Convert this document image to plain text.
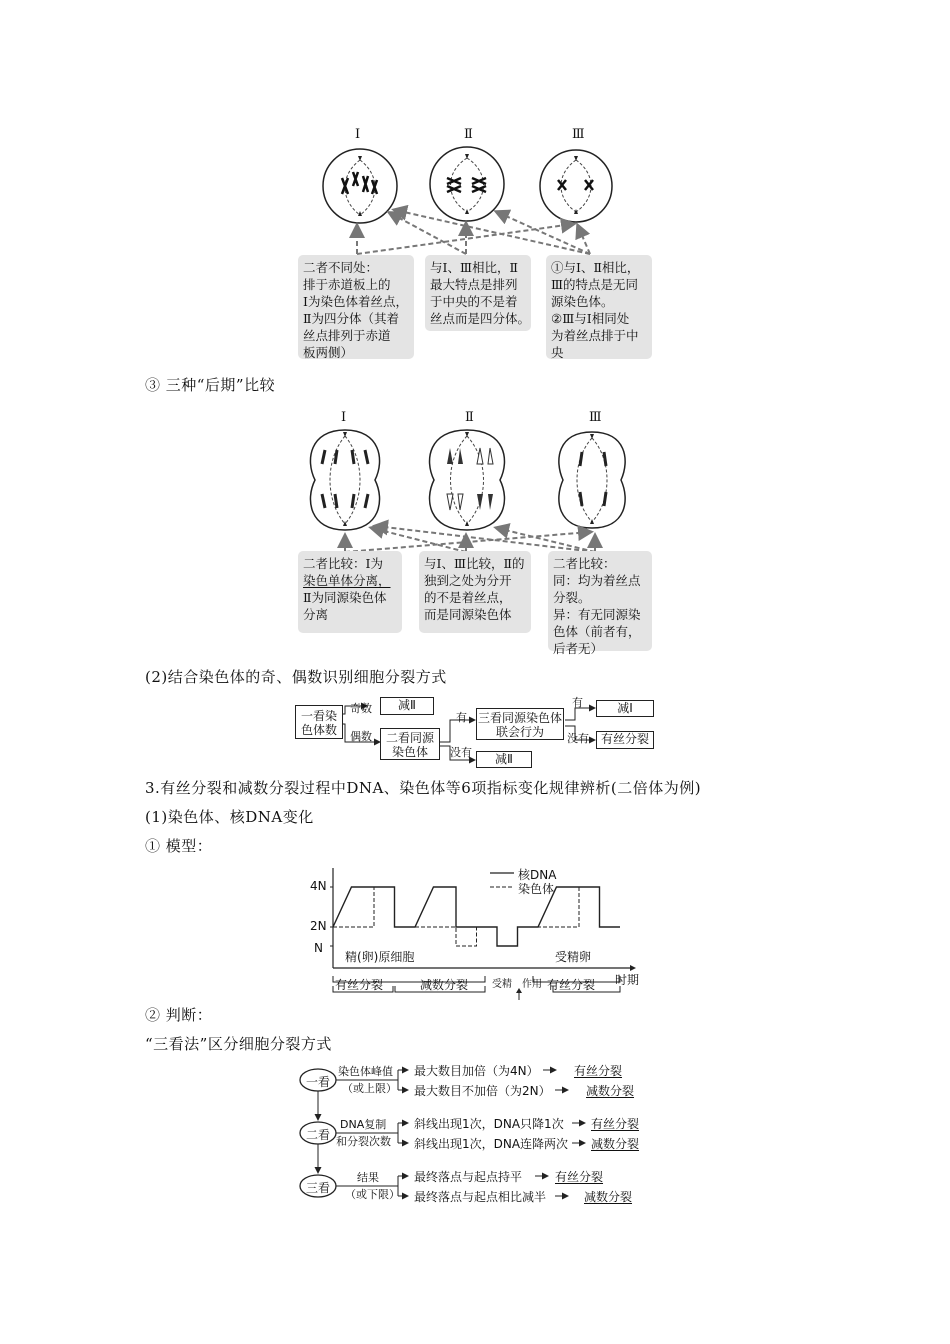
Ⅰ	Ⅱ	Ⅲ
二者不同处：
排于赤道板上的
Ⅰ为染色体着丝点，
Ⅱ为四分体（其着
丝点排列于赤道
板两侧）
与Ⅰ、Ⅲ相比，Ⅱ
最大特点是排列
于中央的不是着
丝点而是四分体。
①与Ⅰ、Ⅱ相比，
Ⅲ的特点是无同
源染色体。
②Ⅲ与Ⅰ相同处
为着丝点排于中
央
③ 三种“后期”比较
Ⅰ	Ⅱ	Ⅲ
二者比较：Ⅰ为
染色单体分离，
Ⅱ为同源染色体
分离
与Ⅰ、Ⅲ比较，Ⅱ的
独到之处为分开
的不是着丝点，
而是同源染色体
二者比较：
同：均为着丝点
分裂。
异：有无同源染
色体（前者有，
后者无）
(2)结合染色体的奇、偶数识别细胞分裂方式
一看染色体数
奇数
偶数
减Ⅱ
二看同源染色体
有
没有
三看同源染色体联会行为
减Ⅱ
有
没有
减Ⅰ
有丝分裂
3.有丝分裂和减数分裂过程中DNA、染色体等6项指标变化规律辨析(二倍体为例)
(1)染色体、核DNA变化
① 模型：
4N
2N
N
核DNA
染色体
精(卵)原细胞	受精卵
有丝分裂	减数分裂 受精 作用 有丝分裂 时期
② 判断：
“三看法”区分细胞分裂方式
一看
二看
三看
染色体峰值
（或上限）
DNA复制
和分裂次数
结果
（或下限）
最大数目加倍（为4N）	有丝分裂
最大数目不加倍（为2N）	减数分裂
斜线出现1次，DNA只降1次 有丝分裂
斜线出现1次，DNA连降两次 减数分裂
最终落点与起点持平	有丝分裂
最终落点与起点相比减半	减数分裂
